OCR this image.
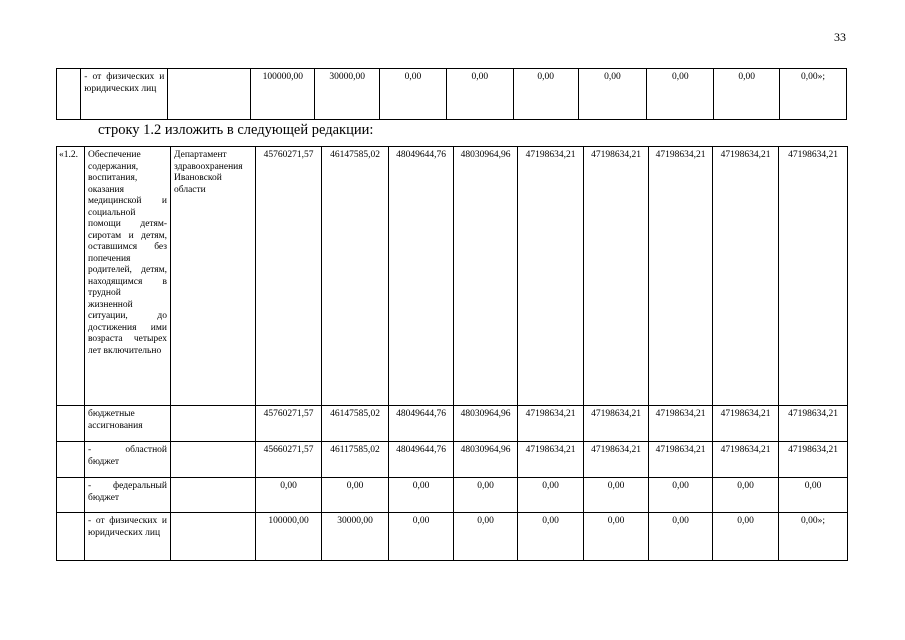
33
	- от физических и юридических лиц		100000,00	30000,00	0,00	0,00	0,00	0,00	0,00	0,00	0,00»;
строку 1.2 изложить в следующей редакции:
«1.2.	Обеспечение содержания, воспитания, оказания медицинской и социальной помощи детям-сиротам и детям, оставшимся без попечения родителей, детям, находящимся в трудной жизненной ситуации, до достижения ими возраста четырех лет включительно	Департамент здравоохранения Ивановской области	45760271,57	46147585,02	48049644,76	48030964,96	47198634,21	47198634,21	47198634,21	47198634,21	47198634,21
	бюджетные ассигнования		45760271,57	46147585,02	48049644,76	48030964,96	47198634,21	47198634,21	47198634,21	47198634,21	47198634,21
	- областной бюджет		45660271,57	46117585,02	48049644,76	48030964,96	47198634,21	47198634,21	47198634,21	47198634,21	47198634,21
	- федеральный бюджет		0,00	0,00	0,00	0,00	0,00	0,00	0,00	0,00	0,00
	- от физических и юридических лиц		100000,00	30000,00	0,00	0,00	0,00	0,00	0,00	0,00	0,00»;
